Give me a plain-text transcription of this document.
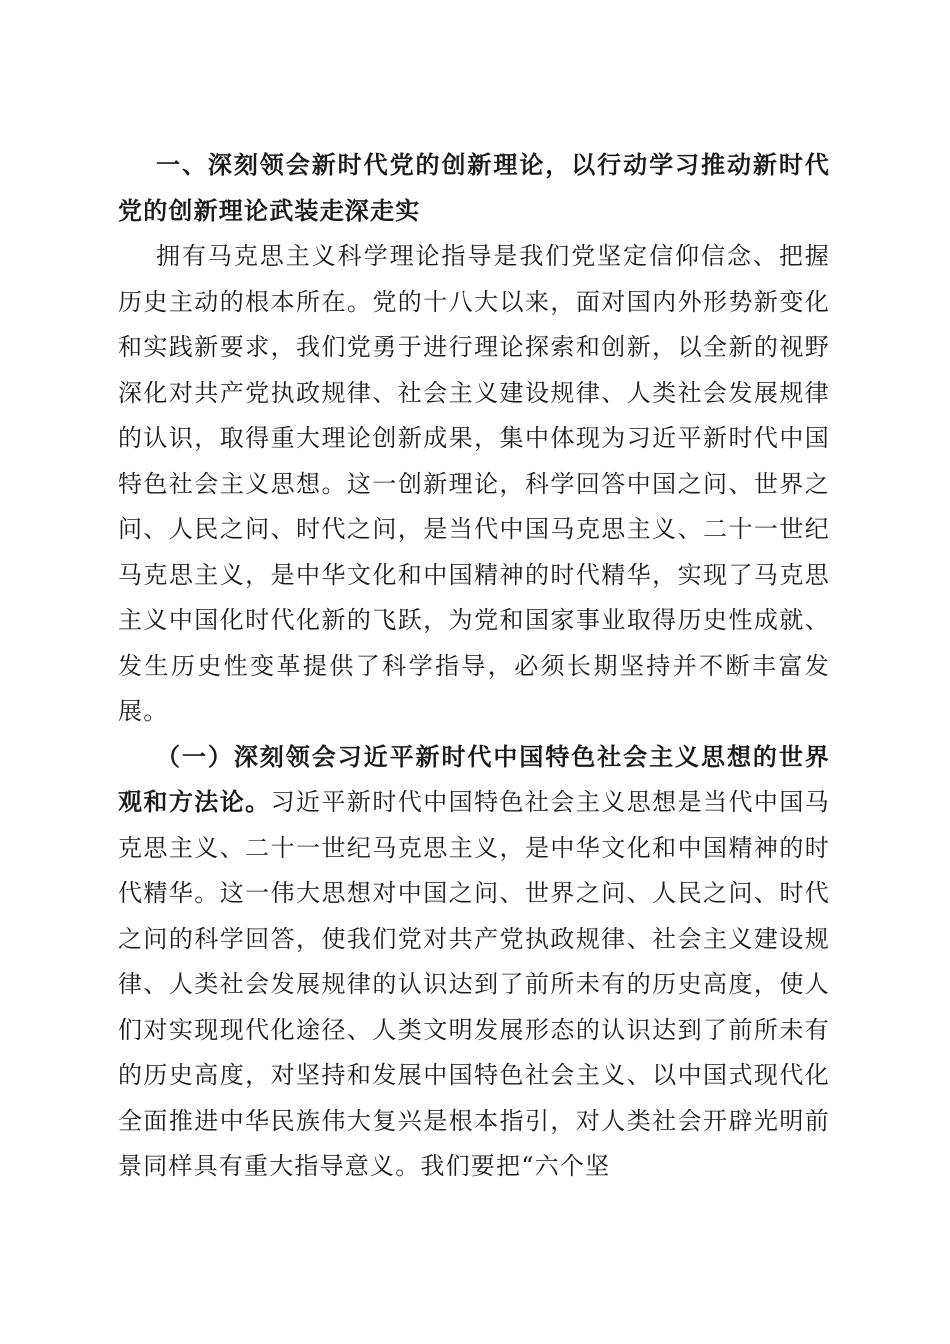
一、深刻领会新时代党的创新理论，以行动学习推动新时代党的创新理论武装走深走实

拥有马克思主义科学理论指导是我们党坚定信仰信念、把握历史主动的根本所在。党的十八大以来，面对国内外形势新变化和实践新要求，我们党勇于进行理论探索和创新，以全新的视野深化对共产党执政规律、社会主义建设规律、人类社会发展规律的认识，取得重大理论创新成果，集中体现为习近平新时代中国特色社会主义思想。这一创新理论，科学回答中国之问、世界之问、人民之问、时代之问，是当代中国马克思主义、二十一世纪马克思主义，是中华文化和中国精神的时代精华，实现了马克思主义中国化时代化新的飞跃，为党和国家事业取得历史性成就、发生历史性变革提供了科学指导，必须长期坚持并不断丰富发展。

（一）深刻领会习近平新时代中国特色社会主义思想的世界观和方法论。习近平新时代中国特色社会主义思想是当代中国马克思主义、二十一世纪马克思主义，是中华文化和中国精神的时代精华。这一伟大思想对中国之问、世界之问、人民之问、时代之问的科学回答，使我们党对共产党执政规律、社会主义建设规律、人类社会发展规律的认识达到了前所未有的历史高度，使人们对实现现代化途径、人类文明发展形态的认识达到了前所未有的历史高度，对坚持和发展中国特色社会主义、以中国式现代化全面推进中华民族伟大复兴是根本指引，对人类社会开辟光明前景同样具有重大指导意义。我们要把“六个坚
